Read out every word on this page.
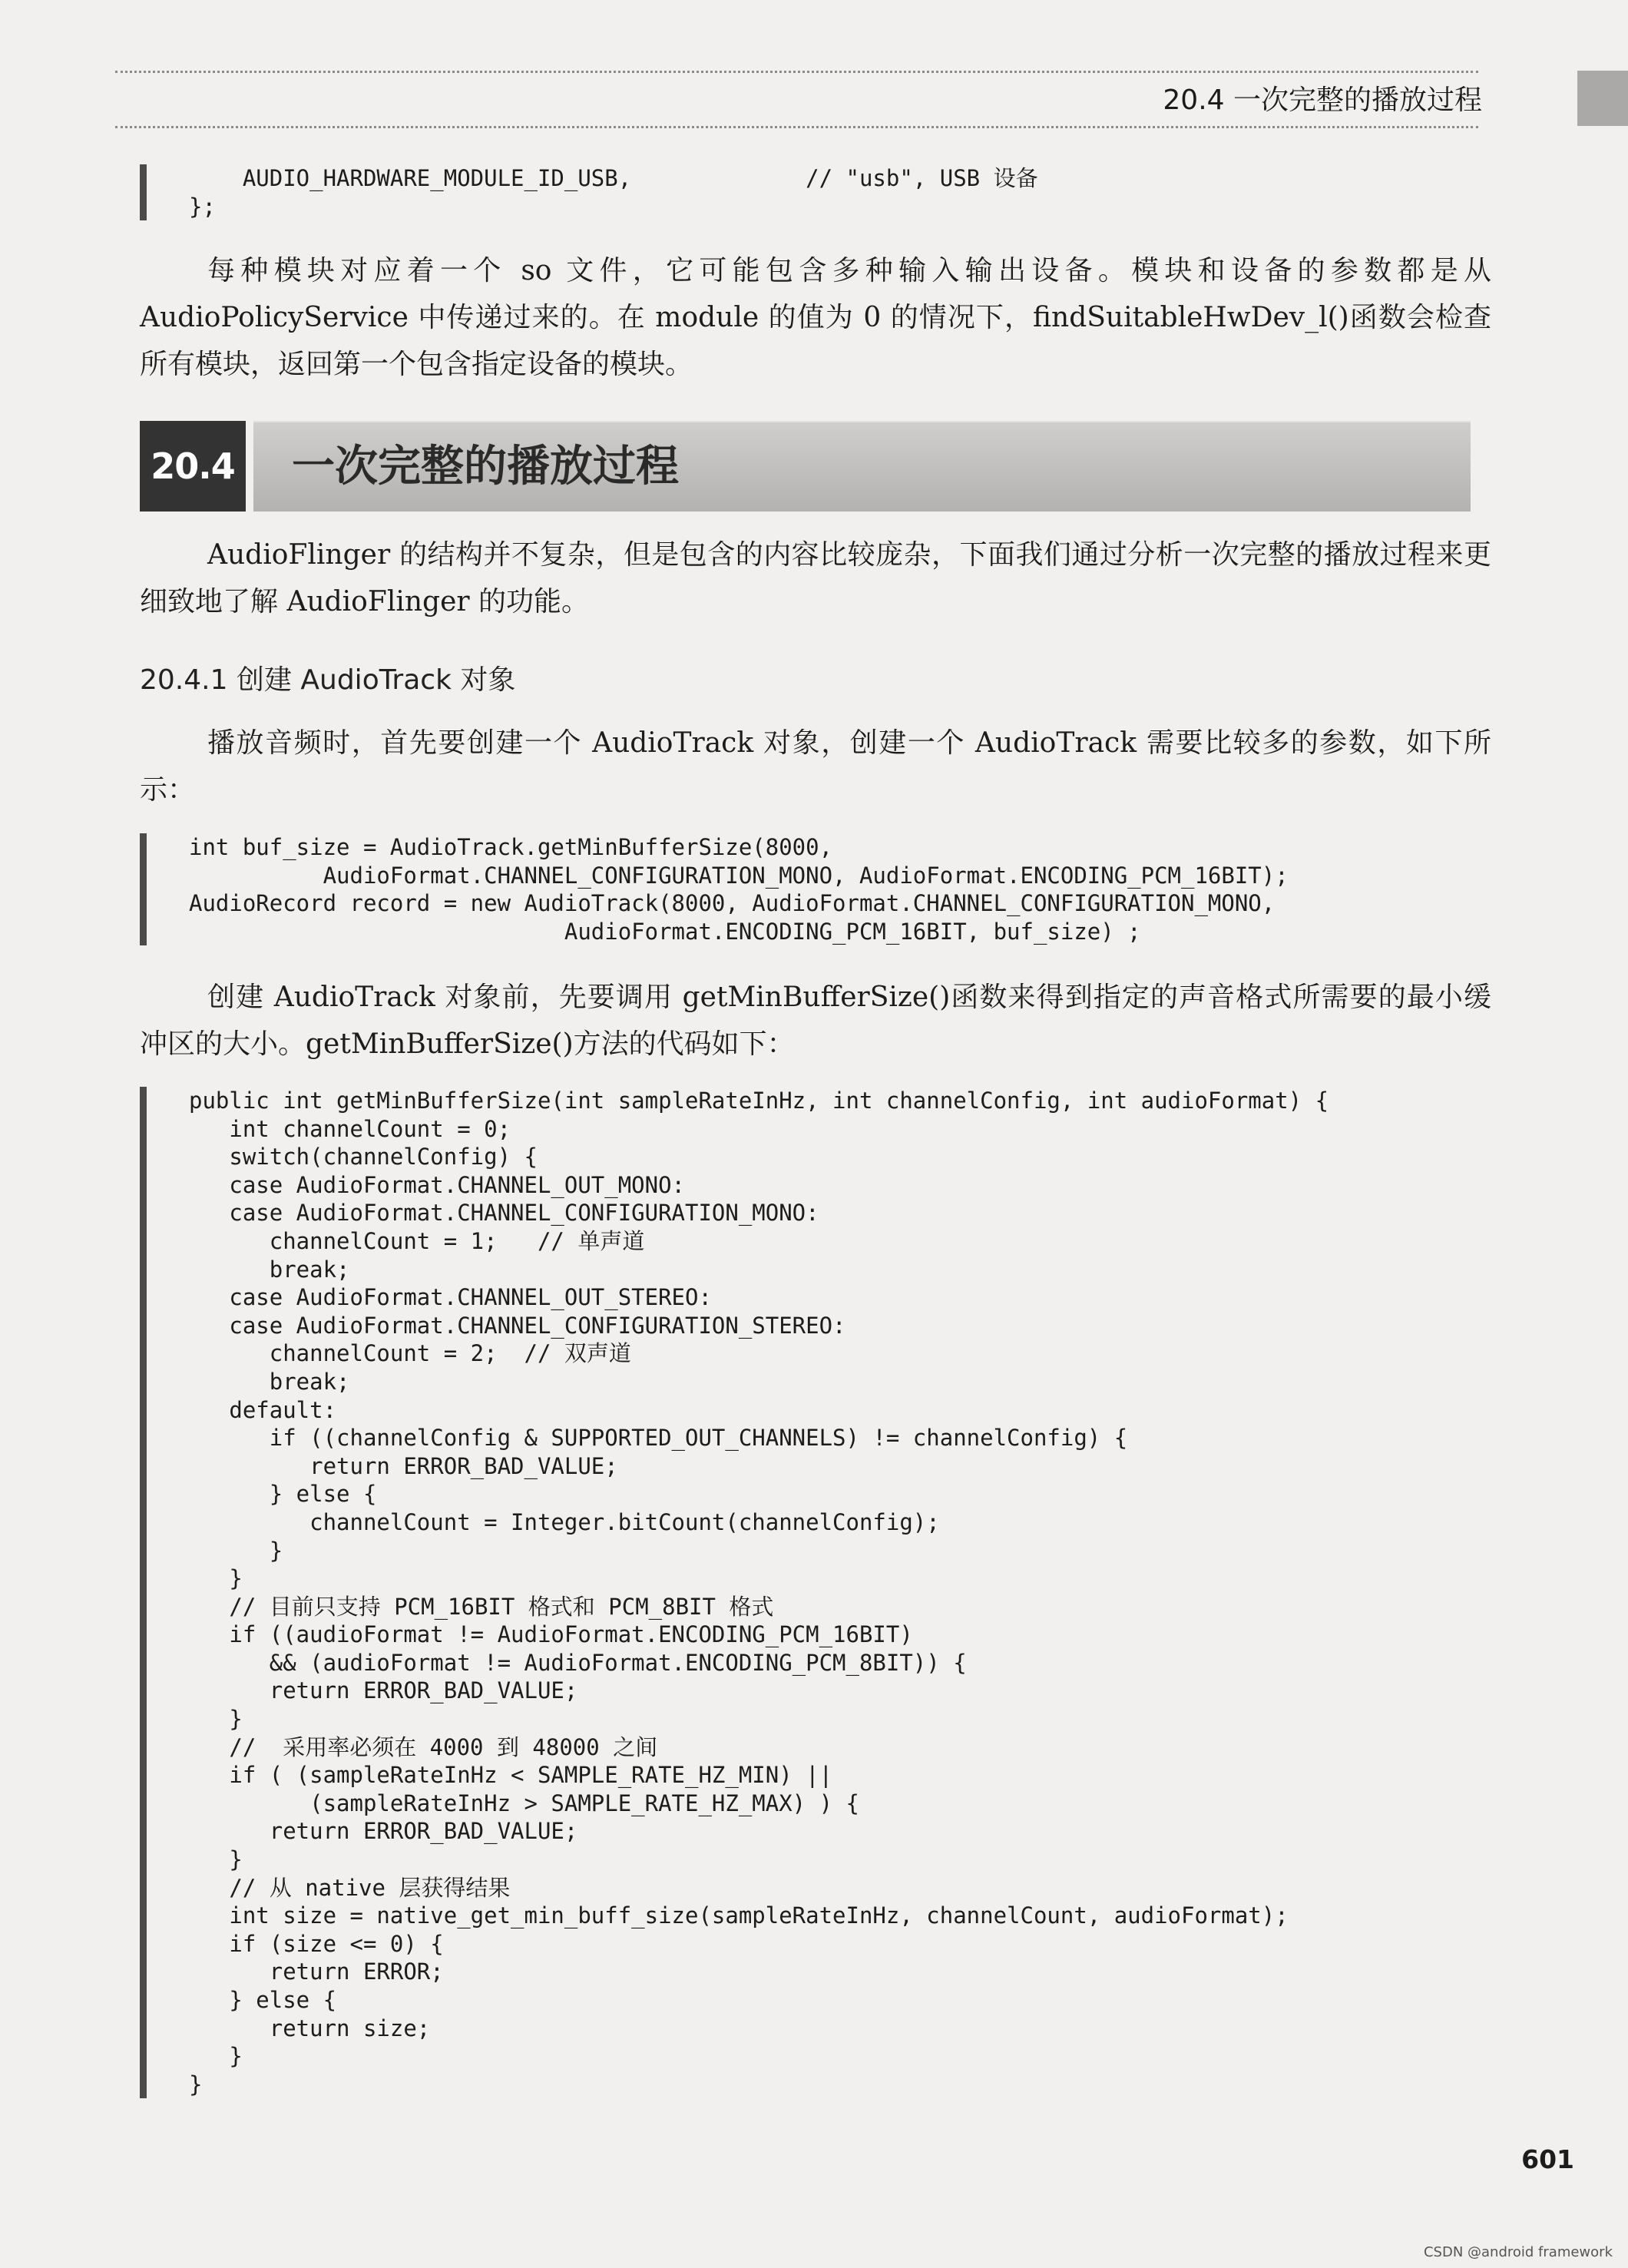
20.4 一次完整的播放过程
AUDIO_HARDWARE_MODULE_ID_USB,             // "usb", USB 设备
};

每种模块对应着一个 so 文件，它可能包含多种输入输出设备。模块和设备的参数都是从AudioPolicyService 中传递过来的。在 module 的值为 0 的情况下，findSuitableHwDev_l()函数会检查所有模块，返回第一个包含指定设备的模块。

20.4 一次完整的播放过程

AudioFlinger 的结构并不复杂，但是包含的内容比较庞杂，下面我们通过分析一次完整的播放过程来更细致地了解 AudioFlinger 的功能。

20.4.1 创建 AudioTrack 对象

播放音频时，首先要创建一个 AudioTrack 对象，创建一个 AudioTrack 需要比较多的参数，如下所示：

int buf_size = AudioTrack.getMinBufferSize(8000,
AudioFormat.CHANNEL_CONFIGURATION_MONO, AudioFormat.ENCODING_PCM_16BIT);
AudioRecord record = new AudioTrack(8000, AudioFormat.CHANNEL_CONFIGURATION_MONO,
AudioFormat.ENCODING_PCM_16BIT, buf_size) ;

创建 AudioTrack 对象前，先要调用 getMinBufferSize()函数来得到指定的声音格式所需要的最小缓冲区的大小。getMinBufferSize()方法的代码如下：

public int getMinBufferSize(int sampleRateInHz, int channelConfig, int audioFormat) {
int channelCount = 0;
switch(channelConfig) {
case AudioFormat.CHANNEL_OUT_MONO:
case AudioFormat.CHANNEL_CONFIGURATION_MONO:
channelCount = 1;   // 单声道
break;
case AudioFormat.CHANNEL_OUT_STEREO:
case AudioFormat.CHANNEL_CONFIGURATION_STEREO:
channelCount = 2;  // 双声道
break;
default:
if ((channelConfig & SUPPORTED_OUT_CHANNELS) != channelConfig) {
return ERROR_BAD_VALUE;
} else {
channelCount = Integer.bitCount(channelConfig);
}
}
// 目前只支持 PCM_16BIT 格式和 PCM_8BIT 格式
if ((audioFormat != AudioFormat.ENCODING_PCM_16BIT)
&& (audioFormat != AudioFormat.ENCODING_PCM_8BIT)) {
return ERROR_BAD_VALUE;
}
//  采用率必须在 4000 到 48000 之间
if ( (sampleRateInHz < SAMPLE_RATE_HZ_MIN) ||
(sampleRateInHz > SAMPLE_RATE_HZ_MAX) ) {
return ERROR_BAD_VALUE;
}
// 从 native 层获得结果
int size = native_get_min_buff_size(sampleRateInHz, channelCount, audioFormat);
if (size <= 0) {
return ERROR;
} else {
return size;
}
}
601
CSDN @android framework
